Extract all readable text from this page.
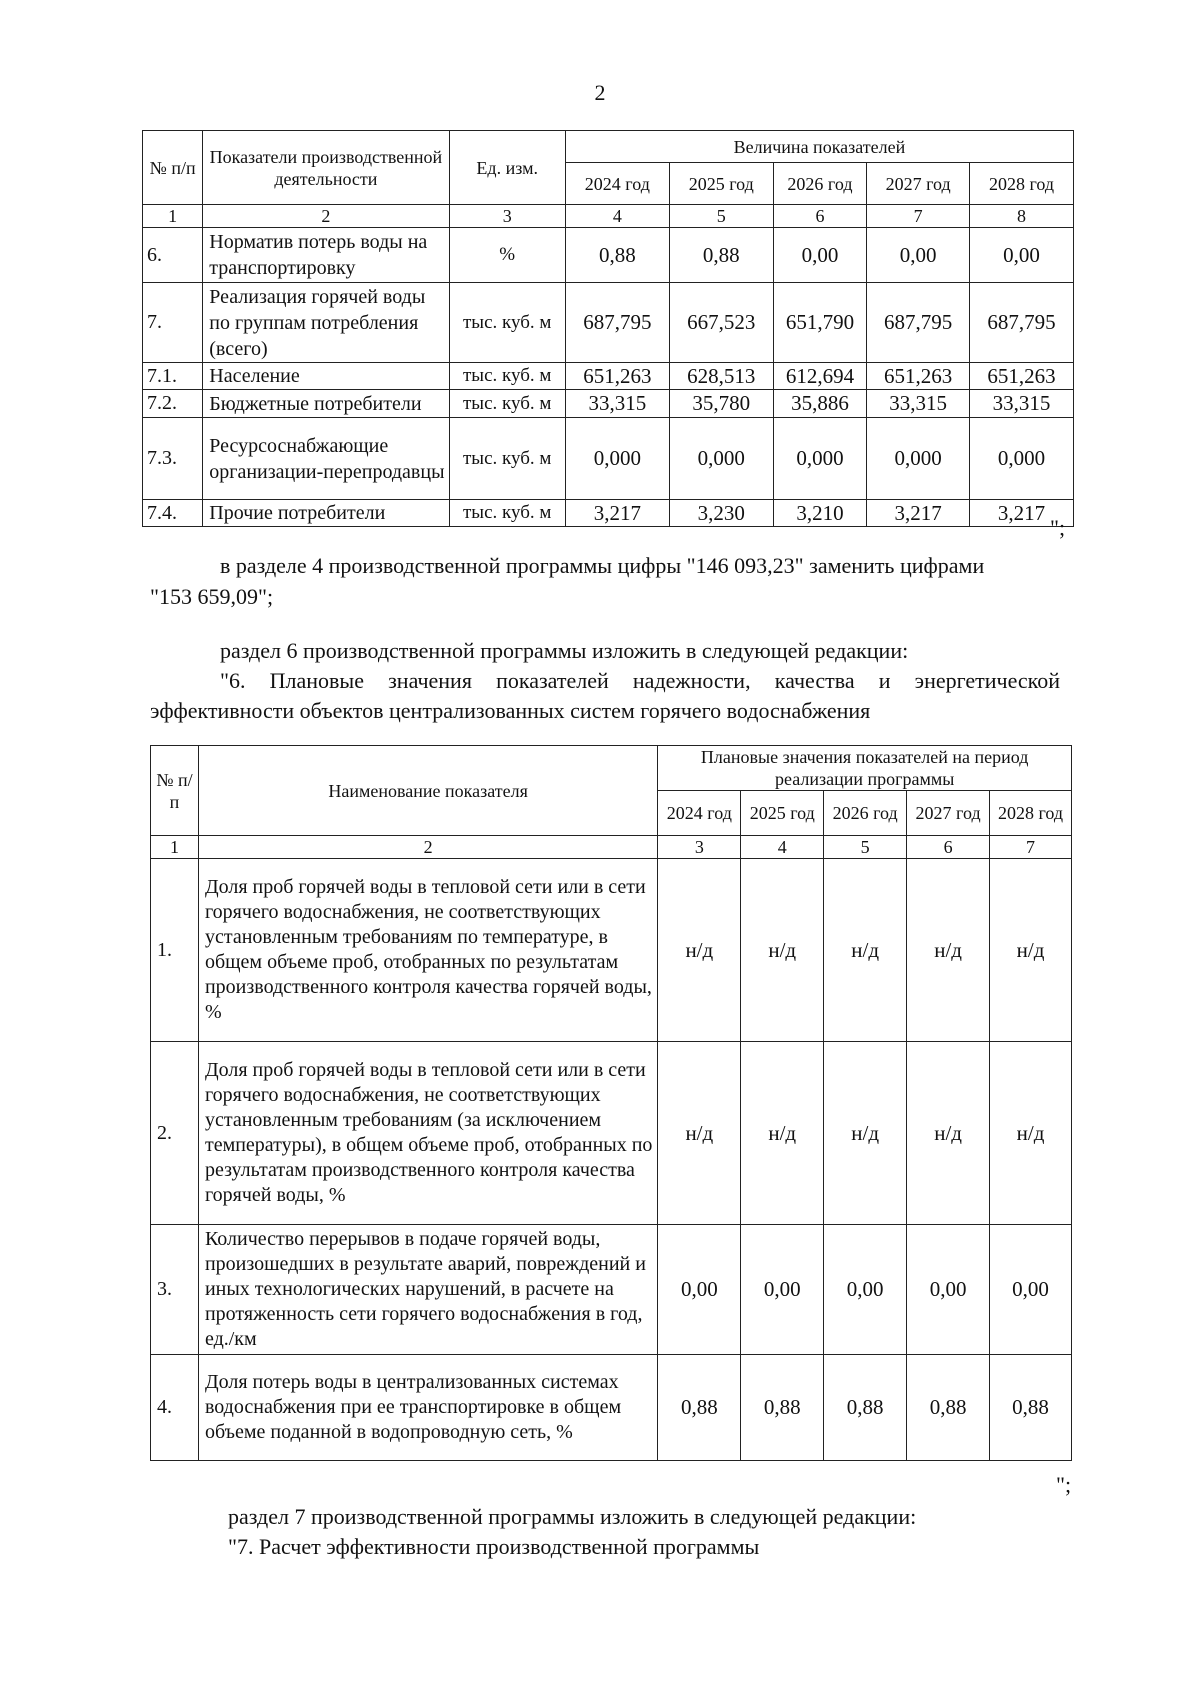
2
№ п/п	Показатели производственной деятельности	Ед. изм.	Величина показателей				
			2024 год	2025 год	2026 год	2027 год	2028 год
1	2	3	4	5	6	7	8
6.	Норматив потерь воды на транспортировку	%	0,88	0,88	0,00	0,00	0,00
7.	Реализация горячей воды по группам потребления (всего)	тыс. куб. м	687,795	667,523	651,790	687,795	687,795
7.1.	Население	тыс. куб. м	651,263	628,513	612,694	651,263	651,263
7.2.	Бюджетные потребители	тыс. куб. м	33,315	35,780	35,886	33,315	33,315
7.3.	Ресурсоснабжающие организации-перепродавцы	тыс. куб. м	0,000	0,000	0,000	0,000	0,000
7.4.	Прочие потребители	тыс. куб. м	3,217	3,230	3,210	3,217	3,217
";
в разделе 4 производственной программы цифры "146 093,23" заменить цифрами
"153 659,09";
раздел 6 производственной программы изложить в следующей редакции:
"6. Плановые значения показателей надежности, качества и энергетической
эффективности объектов централизованных систем горячего водоснабжения
№ п/п	Наименование показателя	Плановые значения показателей на период реализации программы				
		2024 год	2025 год	2026 год	2027 год	2028 год
1	2	3	4	5	6	7
1.	Доля проб горячей воды в тепловой сети или в сети горячего водоснабжения, не соответствующих установленным требованиям по температуре, в общем объеме проб, отобранных по результатам производственного контроля качества горячей воды, %	н/д	н/д	н/д	н/д	н/д
2.	Доля проб горячей воды в тепловой сети или в сети горячего водоснабжения, не соответствующих установленным требованиям (за исключением температуры), в общем объеме проб, отобранных по результатам производственного контроля качества горячей воды, %	н/д	н/д	н/д	н/д	н/д
3.	Количество перерывов в подаче горячей воды, произошедших в результате аварий, повреждений и иных технологических нарушений, в расчете на протяженность сети горячего водоснабжения в год, ед./км	0,00	0,00	0,00	0,00	0,00
4.	Доля потерь воды в централизованных системах водоснабжения при ее транспортировке в общем объеме поданной в водопроводную сеть, %	0,88	0,88	0,88	0,88	0,88
";
раздел 7 производственной программы изложить в следующей редакции:
"7. Расчет эффективности производственной программы
